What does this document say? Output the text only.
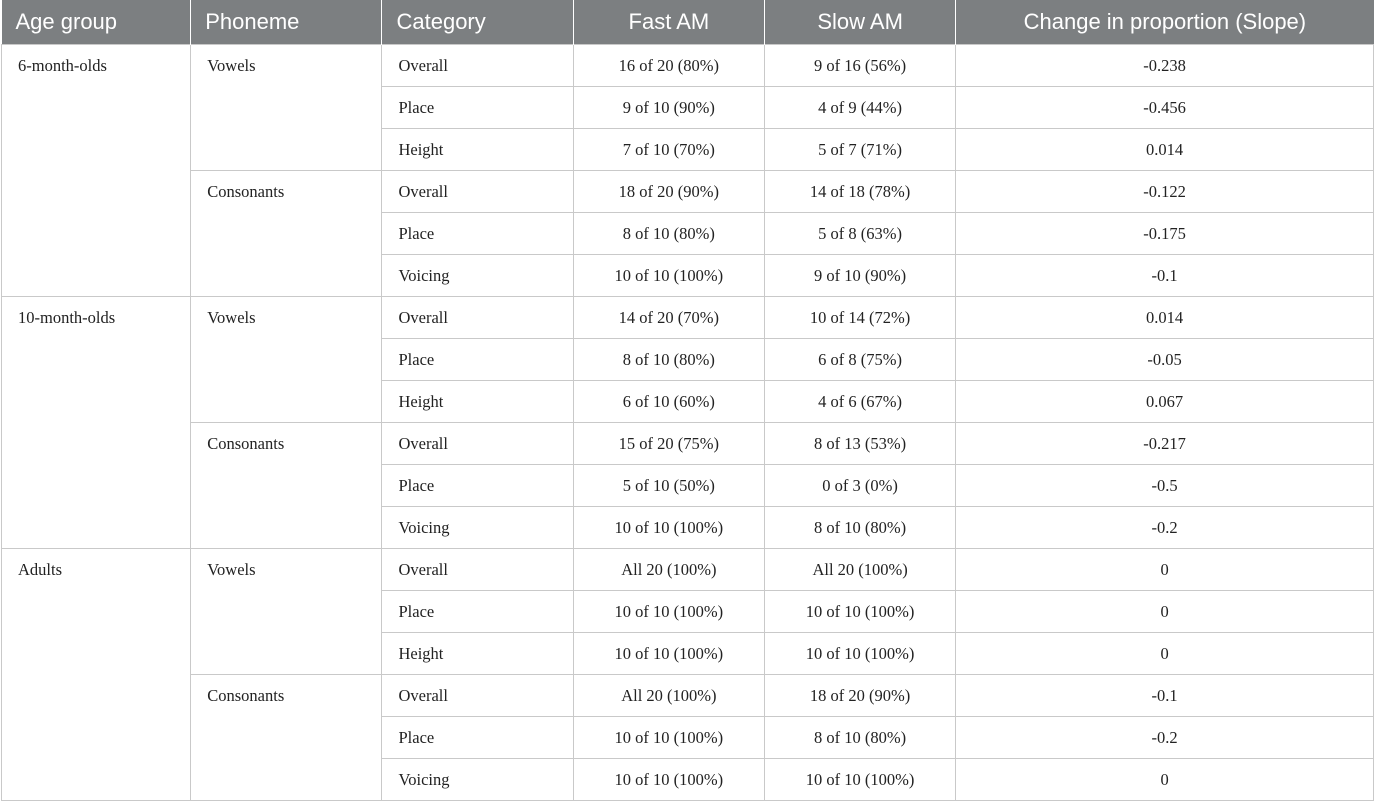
Age group	Phoneme	Category	Fast AM	Slow AM	Change in proportion (Slope)
6-month-olds	Vowels	Overall	16 of 20 (80%)	9 of 16 (56%)	-0.238
		Place	9 of 10 (90%)	4 of 9 (44%)	-0.456
		Height	7 of 10 (70%)	5 of 7 (71%)	0.014
	Consonants	Overall	18 of 20 (90%)	14 of 18 (78%)	-0.122
		Place	8 of 10 (80%)	5 of 8 (63%)	-0.175
		Voicing	10 of 10 (100%)	9 of 10 (90%)	-0.1
10-month-olds	Vowels	Overall	14 of 20 (70%)	10 of 14 (72%)	0.014
		Place	8 of 10 (80%)	6 of 8 (75%)	-0.05
		Height	6 of 10 (60%)	4 of 6 (67%)	0.067
	Consonants	Overall	15 of 20 (75%)	8 of 13 (53%)	-0.217
		Place	5 of 10 (50%)	0 of 3 (0%)	-0.5
		Voicing	10 of 10 (100%)	8 of 10 (80%)	-0.2
Adults	Vowels	Overall	All 20 (100%)	All 20 (100%)	0
		Place	10 of 10 (100%)	10 of 10 (100%)	0
		Height	10 of 10 (100%)	10 of 10 (100%)	0
	Consonants	Overall	All 20 (100%)	18 of 20 (90%)	-0.1
		Place	10 of 10 (100%)	8 of 10 (80%)	-0.2
		Voicing	10 of 10 (100%)	10 of 10 (100%)	0
